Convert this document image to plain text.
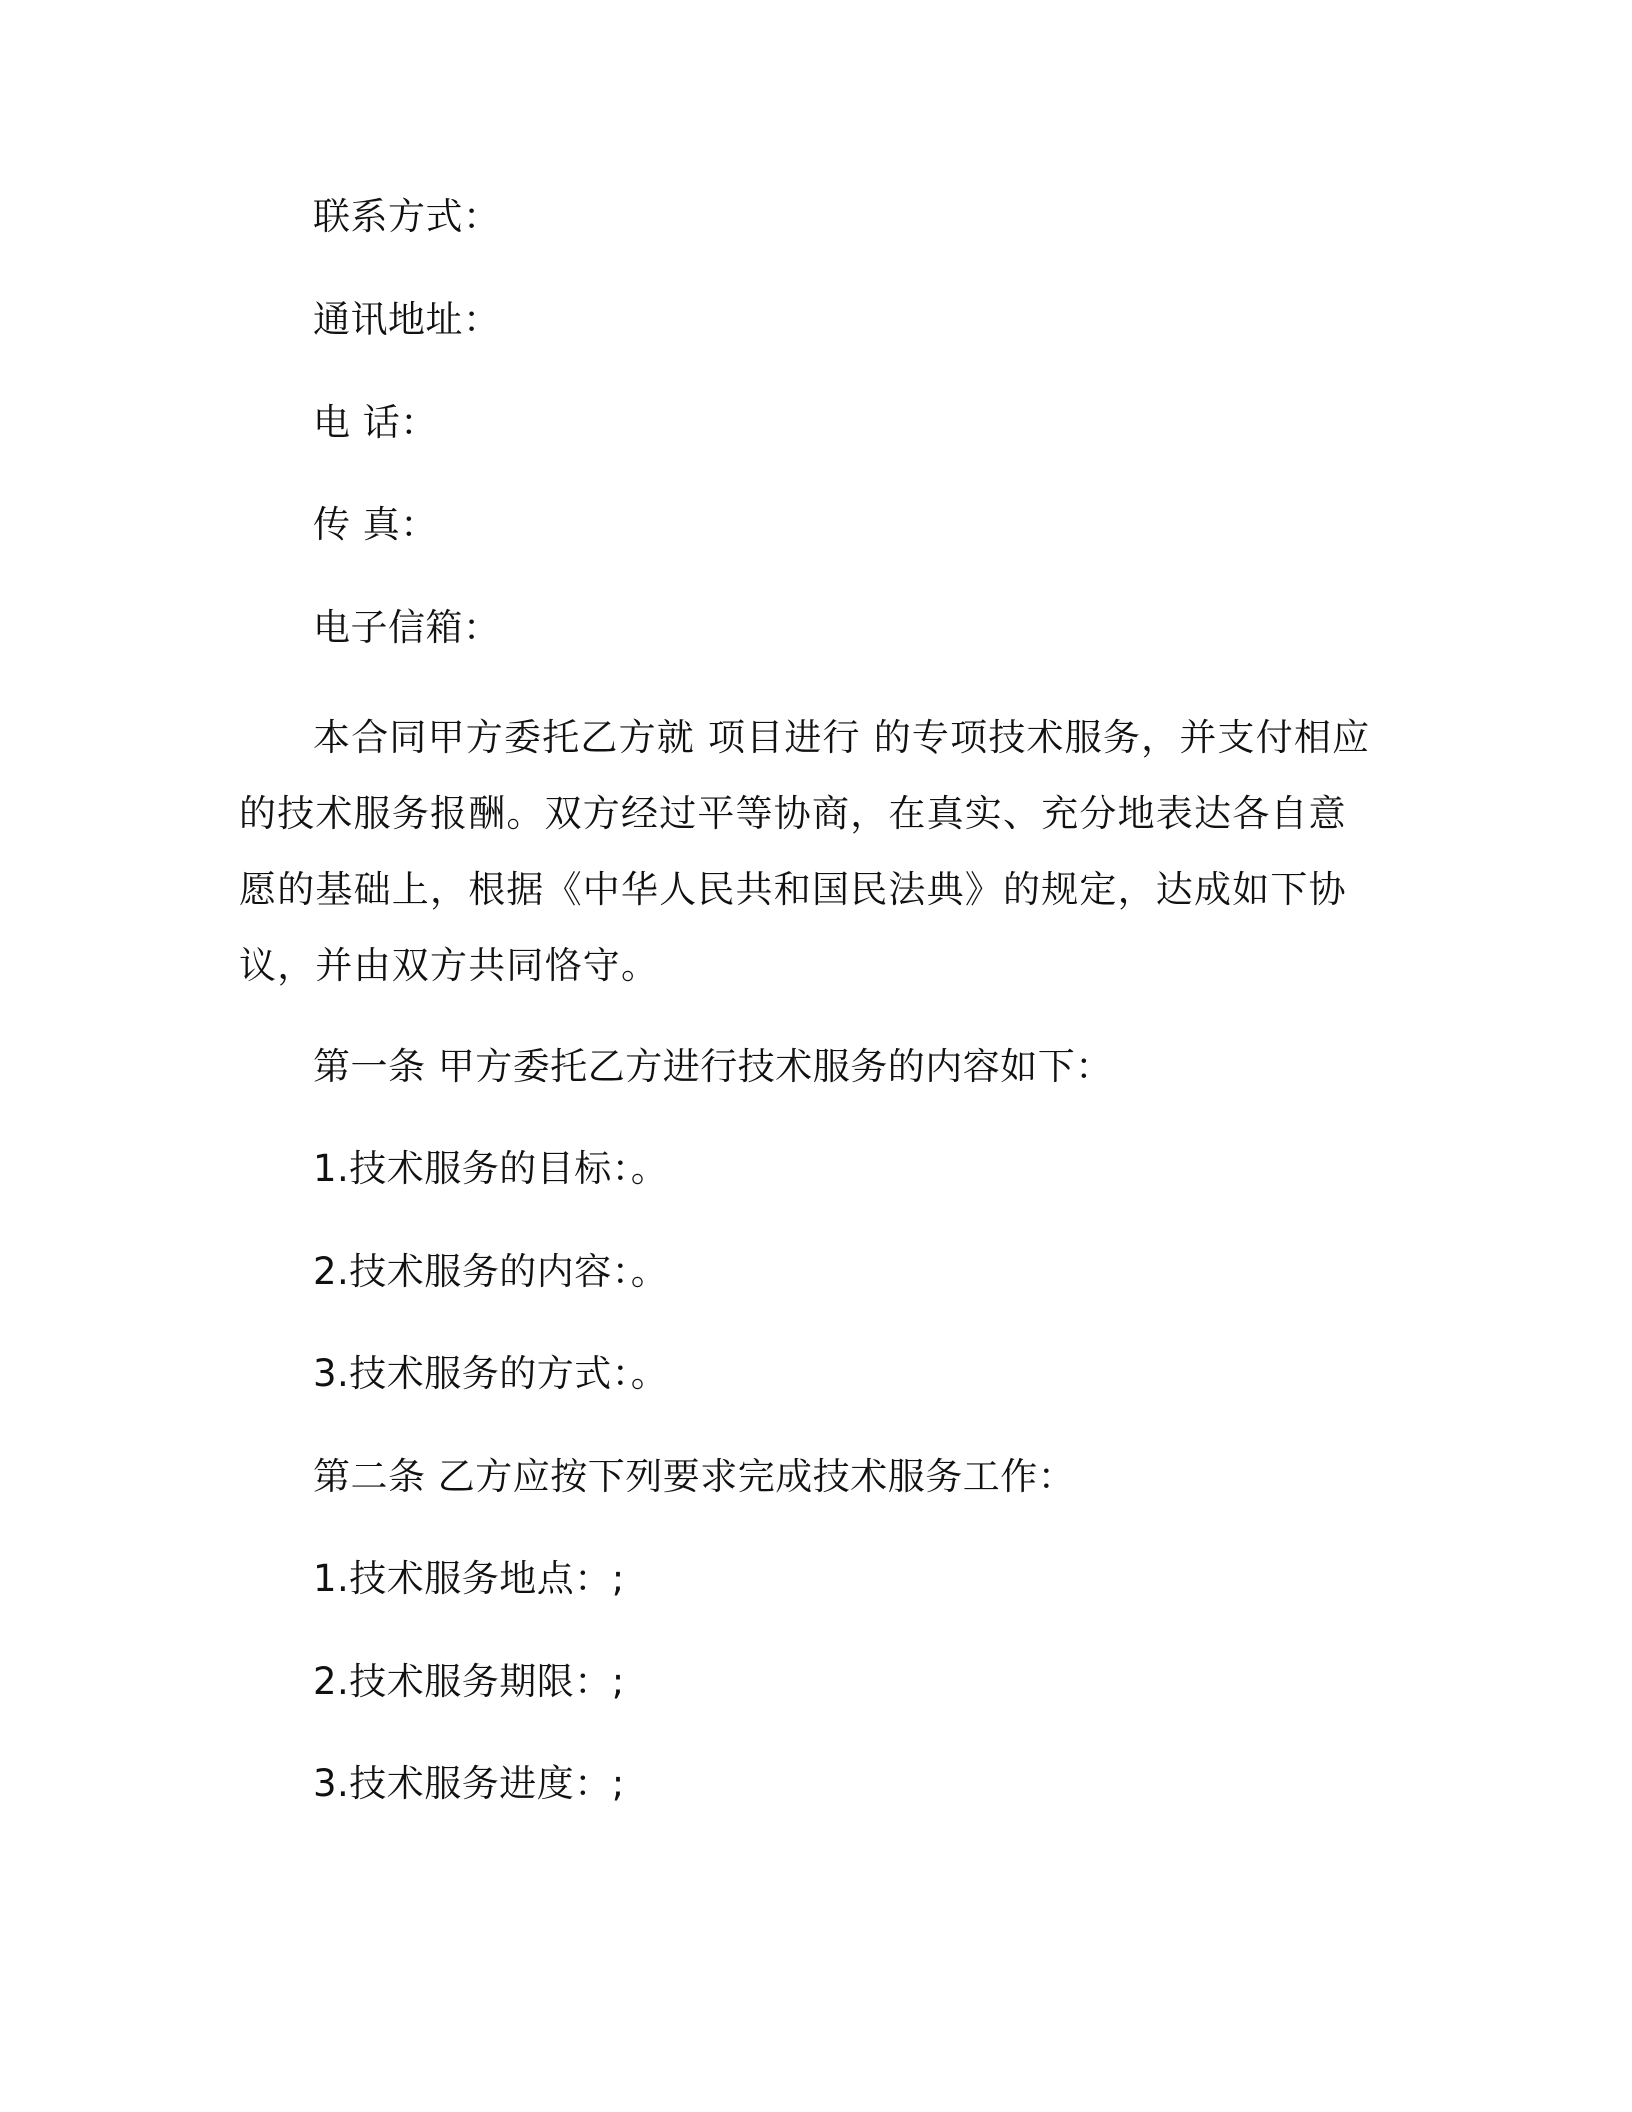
联系方式：
通讯地址：
电 话：
传 真：
电子信箱：
本合同甲方委托乙方就 项目进行 的专项技术服务，并支付相应的技术服务报酬。双方经过平等协商，在真实、充分地表达各自意愿的基础上，根据《中华人民共和国民法典》的规定，达成如下协议，并由双方共同恪守。
第一条 甲方委托乙方进行技术服务的内容如下：
1.技术服务的目标：。
2.技术服务的内容：。
3.技术服务的方式：。
第二条 乙方应按下列要求完成技术服务工作：
1.技术服务地点：;
2.技术服务期限：;
3.技术服务进度：;
